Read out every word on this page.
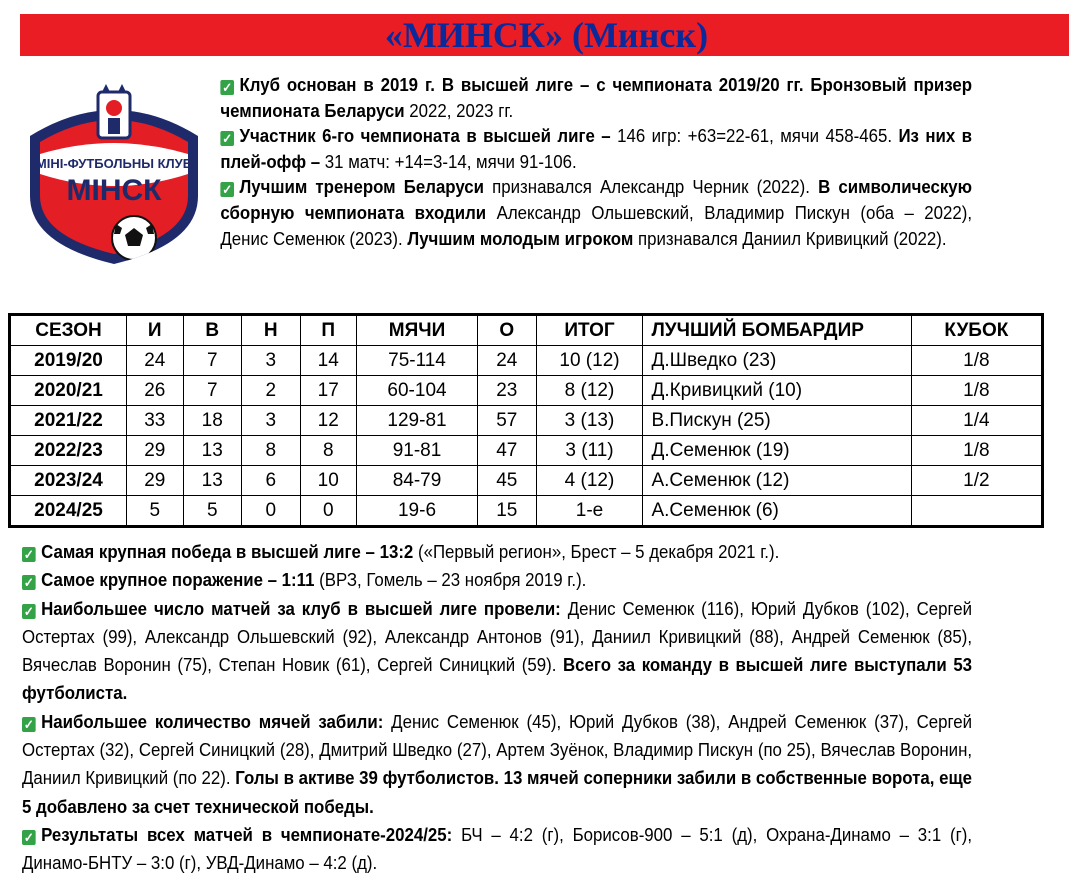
«МИНСК» (Минск)
МІНІ-ФУТБОЛЬНЫ КЛУБ
МІНСК
✓ Клуб основан в 2019 г. В высшей лиге – с чемпионата 2019/20 гг. Бронзовый призер чемпионата Беларуси 2022, 2023 гг.
✓ Участник 6-го чемпионата в высшей лиге – 146 игр: +63=22-61, мячи 458-465. Из них в плей-офф – 31 матч: +14=3-14, мячи 91-106.
✓ Лучшим тренером Беларуси признавался Александр Черник (2022). В символическую сборную чемпионата входили Александр Ольшевский, Владимир Пискун (оба – 2022), Денис Семенюк (2023). Лучшим молодым игроком признавался Даниил Кривицкий (2022).
СЕЗОН	И	В	Н	П	МЯЧИ	О	ИТОГ	ЛУЧШИЙ БОМБАРДИР	КУБОК
2019/20	24	7	3	14	75-114	24	10 (12)	Д.Шведко (23)	1/8
2020/21	26	7	2	17	60-104	23	8 (12)	Д.Кривицкий (10)	1/8
2021/22	33	18	3	12	129-81	57	3 (13)	В.Пискун (25)	1/4
2022/23	29	13	8	8	91-81	47	3 (11)	Д.Семенюк (19)	1/8
2023/24	29	13	6	10	84-79	45	4 (12)	А.Семенюк (12)	1/2
2024/25	5	5	0	0	19-6	15	1-е	А.Семенюк (6)	

✓ Самая крупная победа в высшей лиге – 13:2 («Первый регион», Брест – 5 декабря 2021 г.).

✓ Самое крупное поражение – 1:11 (ВРЗ, Гомель – 23 ноября 2019 г.).

✓ Наибольшее число матчей за клуб в высшей лиге провели: Денис Семенюк (116), Юрий Дубков (102), Сергей Остертах (99), Александр Ольшевский (92), Александр Антонов (91), Даниил Кривицкий (88), Андрей Семенюк (85), Вячеслав Воронин (75), Степан Новик (61), Сергей Синицкий (59). Всего за команду в высшей лиге выступали 53 футболиста.

✓ Наибольшее количество мячей забили: Денис Семенюк (45), Юрий Дубков (38), Андрей Семенюк (37), Сергей Остертах (32), Сергей Синицкий (28), Дмитрий Шведко (27), Артем Зуёнок, Владимир Пискун (по 25), Вячеслав Воронин, Даниил Кривицкий (по 22). Голы в активе 39 футболистов. 13 мячей соперники забили в собственные ворота, еще 5 добавлено за счет технической победы.

✓ Результаты всех матчей в чемпионате-2024/25: БЧ – 4:2 (г), Борисов-900 – 5:1 (д), Охрана-Динамо – 3:1 (г), Динамо-БНТУ – 3:0 (г), УВД-Динамо – 4:2 (д).
